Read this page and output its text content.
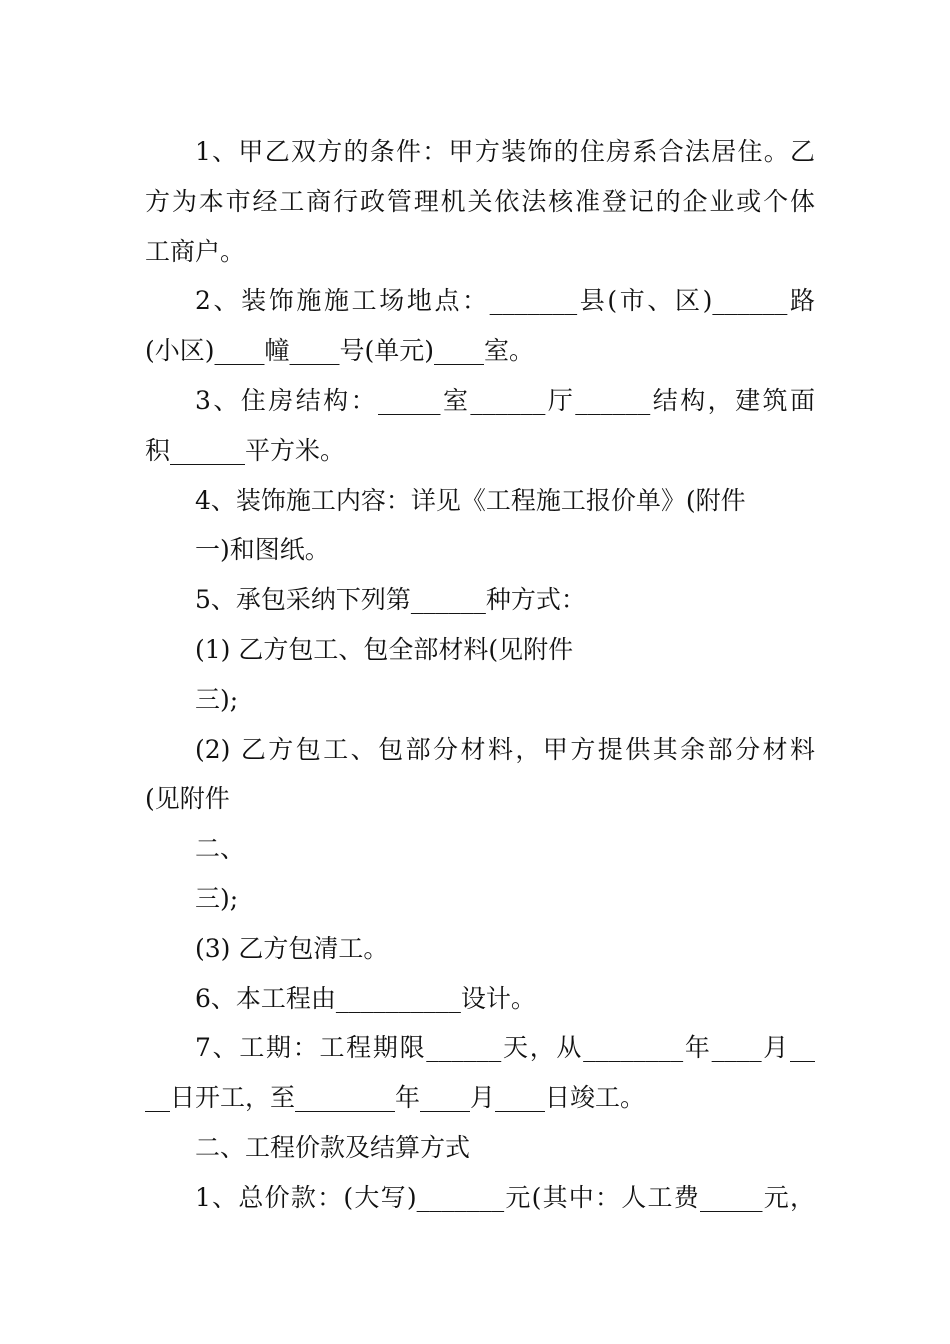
1、甲乙双方的条件：甲方装饰的住房系合法居住。乙
方为本市经工商行政管理机关依法核准登记的企业或个体
工商户。
2、装饰施施工场地点：_______县(市、区)______路
(小区)____幢____号(单元)____室。
3、住房结构：_____室______厅______结构，建筑面
积______平方米。
4、装饰施工内容：详见《工程施工报价单》(附件
一)和图纸。
5、承包采纳下列第______种方式：
(1) 乙方包工、包全部材料(见附件
三);
(2) 乙方包工、包部分材料，甲方提供其余部分材料
(见附件
二、
三);
(3) 乙方包清工。
6、本工程由__________设计。
7、工期：工程期限______天，从________年____月__
__日开工，至________年____月____日竣工。
二、工程价款及结算方式
1、总价款：(大写)_______元(其中：人工费_____元，
